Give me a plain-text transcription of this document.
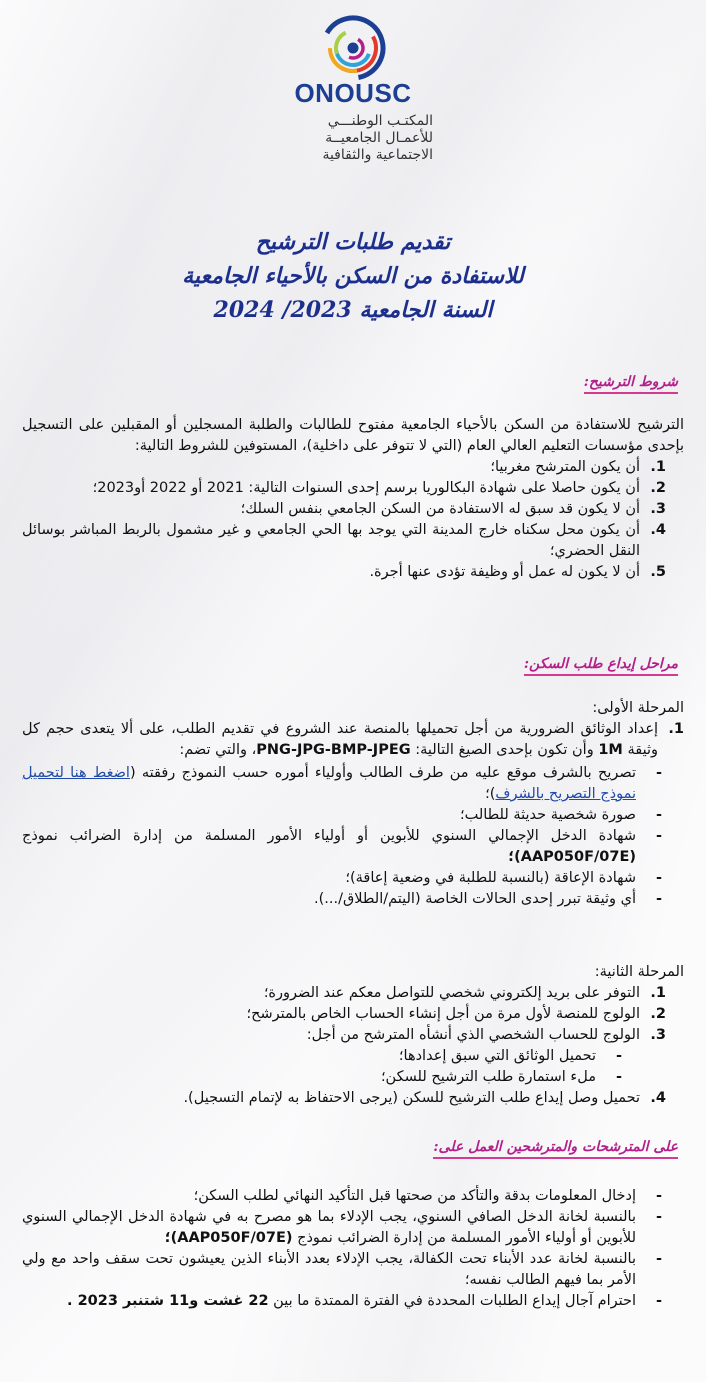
ONOUSC
المكتـب الوطنـــي
للأعمـال الجامعيــة
الاجتماعية والثقافية
تقديم طلبات الترشيح
للاستفادة من السكن بالأحياء الجامعية
السنة الجامعية 2023/ 2024
شروط الترشيح:
الترشيح للاستفادة من السكن بالأحياء الجامعية مفتوح للطالبات والطلبة المسجلين أو المقبلين على التسجيل بإحدى مؤسسات التعليم العالي العام (التي لا تتوفر على داخلية)، المستوفين للشروط التالية:
1.
أن يكون المترشح مغربيا؛
2.
أن يكون حاصلا على شهادة البكالوريا برسم إحدى السنوات التالية: 2021 أو 2022 أو2023؛
3.
أن لا يكون قد سبق له الاستفادة من السكن الجامعي بنفس السلك؛
4.
أن يكون محل سكناه خارج المدينة التي يوجد بها الحي الجامعي و غير مشمول بالربط المباشر بوسائل النقل الحضري؛
5.
أن لا يكون له عمل أو وظيفة تؤدى عنها أجرة.
مراحل إيداع طلب السكن:
المرحلة الأولى:
1.
إعداد الوثائق الضرورية من أجل تحميلها بالمنصة عند الشروع في تقديم الطلب، على ألا يتعدى حجم كل وثيقة 1M وأن تكون بإحدى الصيغ التالية: PNG-JPG-BMP-JPEG، والتي تضم:
-
تصريح بالشرف موقع عليه من طرف الطالب وأولياء أموره حسب النموذج رفقته (اضغط هنا لتحميل نموذج التصريح بالشرف)؛
-
صورة شخصية حديثة للطالب؛
-
شهادة الدخل الإجمالي السنوي للأبوين أو أولياء الأمور المسلمة من إدارة الضرائب نموذج (AAP050F/07E)؛
-
شهادة الإعاقة (بالنسبة للطلبة في وضعية إعاقة)؛
-
أي وثيقة تبرر إحدى الحالات الخاصة (اليتم/الطلاق/...).
المرحلة الثانية:
1.
التوفر على بريد إلكتروني شخصي للتواصل معكم عند الضرورة؛
2.
الولوج للمنصة لأول مرة من أجل إنشاء الحساب الخاص بالمترشح؛
3.
الولوج للحساب الشخصي الذي أنشأه المترشح من أجل:
-
تحميل الوثائق التي سبق إعدادها؛
-
ملء استمارة طلب الترشيح للسكن؛
4.
تحميل وصل إيداع طلب الترشيح للسكن (يرجى الاحتفاظ به لإتمام التسجيل).
على المترشحات والمترشحين العمل على:
-
إدخال المعلومات بدقة والتأكد من صحتها قبل التأكيد النهائي لطلب السكن؛
-
بالنسبة لخانة الدخل الصافي السنوي، يجب الإدلاء بما هو مصرح به في شهادة الدخل الإجمالي السنوي للأبوين أو أولياء الأمور المسلمة من إدارة الضرائب نموذج (AAP050F/07E)؛
-
بالنسبة لخانة عدد الأبناء تحت الكفالة، يجب الإدلاء بعدد الأبناء الذين يعيشون تحت سقف واحد مع ولي الأمر بما فيهم الطالب نفسه؛
-
احترام آجال إيداع الطلبات المحددة في الفترة الممتدة ما بين 22 غشت و11 شتنبر 2023 .
